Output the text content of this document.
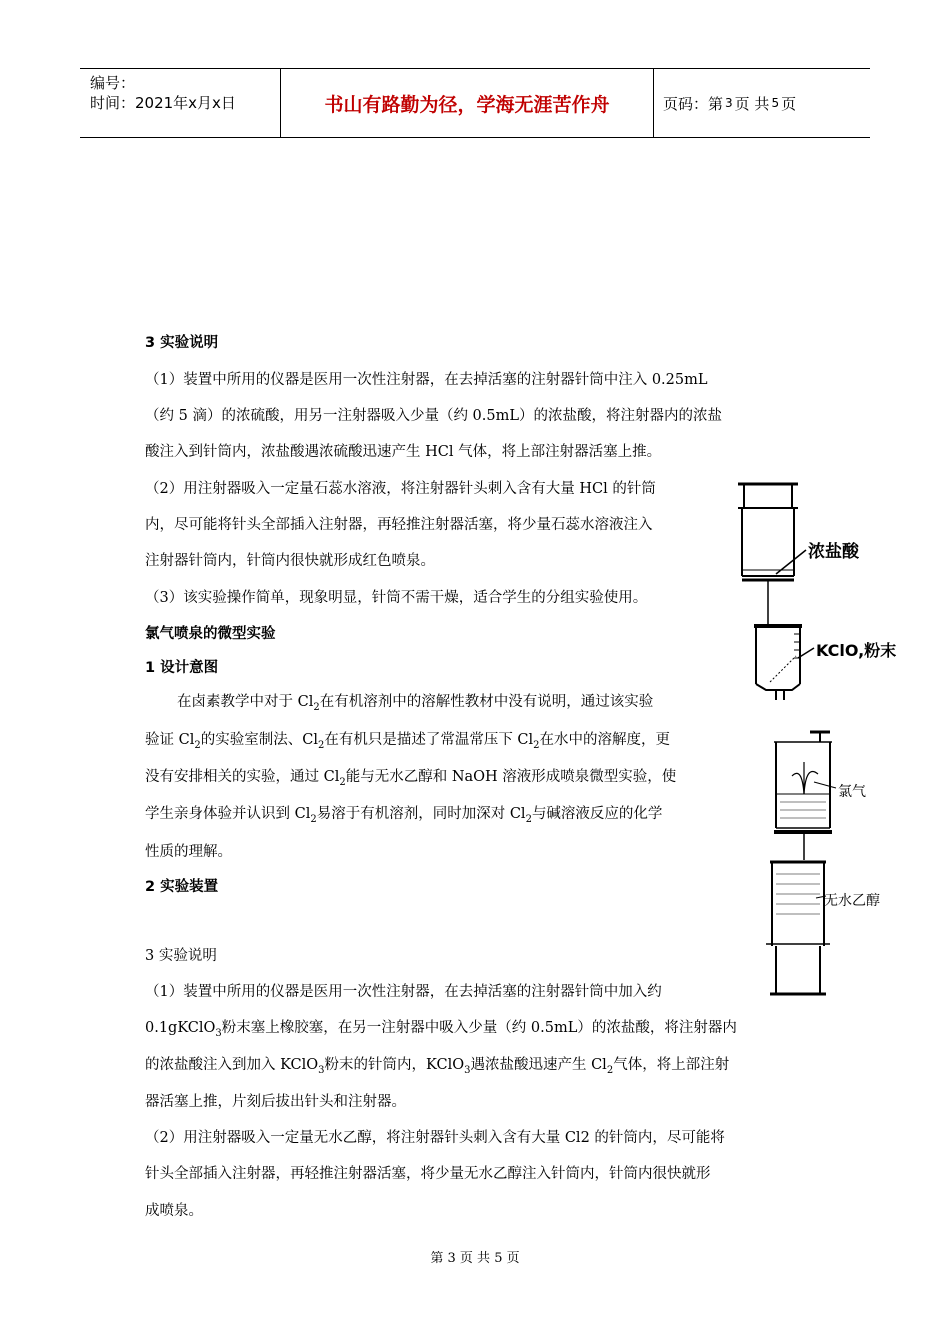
编号：
时间：2021年x月x日	书山有路勤为径，学海无涯苦作舟	页码：第 3 页 共 5 页
3 实验说明
（1）装置中所用的仪器是医用一次性注射器，在去掉活塞的注射器针筒中注入 0.25mL
（约 5 滴）的浓硫酸，用另一注射器吸入少量（约 0.5mL）的浓盐酸，将注射器内的浓盐
酸注入到针筒内，浓盐酸遇浓硫酸迅速产生 HCl 气体，将上部注射器活塞上推。
（2）用注射器吸入一定量石蕊水溶液，将注射器针头刺入含有大量 HCl 的针筒
内，尽可能将针头全部插入注射器，再轻推注射器活塞，将少量石蕊水溶液注入
注射器针筒内，针筒内很快就形成红色喷泉。
（3）该实验操作简单，现象明显，针筒不需干燥，适合学生的分组实验使用。
氯气喷泉的微型实验
1 设计意图
在卤素教学中对于 $Cl_2$在有机溶剂中的溶解性教材中没有说明，通过该实验
验证 $Cl_2$的实验室制法、$Cl_2$在有机只是描述了常温常压下 $Cl_2$在水中的溶解度，更
没有安排相关的实验，通过 $Cl_2$能与无水乙醇和 NaOH 溶液形成喷泉微型实验，使
学生亲身体验并认识到 $Cl_2$易溶于有机溶剂，同时加深对 $Cl_2$与碱溶液反应的化学
性质的理解。
2 实验装置
3 实验说明
（1）装置中所用的仪器是医用一次性注射器，在去掉活塞的注射器针筒中加入约
0.1gKClO$_3$粉末塞上橡胶塞，在另一注射器中吸入少量（约 0.5mL）的浓盐酸，将注射器内
的浓盐酸注入到加入 KClO$_3$粉末的针筒内，KClO$_3$遇浓盐酸迅速产生 $Cl_2$气体，将上部注射
器活塞上推，片刻后拔出针头和注射器。
（2）用注射器吸入一定量无水乙醇，将注射器针头刺入含有大量 Cl2 的针筒内，尽可能将
针头全部插入注射器，再轻推注射器活塞，将少量无水乙醇注入针筒内，针筒内很快就形
成喷泉。
浓盐酸
KClO,粉末
氯气
无水乙醇
第 3 页 共 5 页
